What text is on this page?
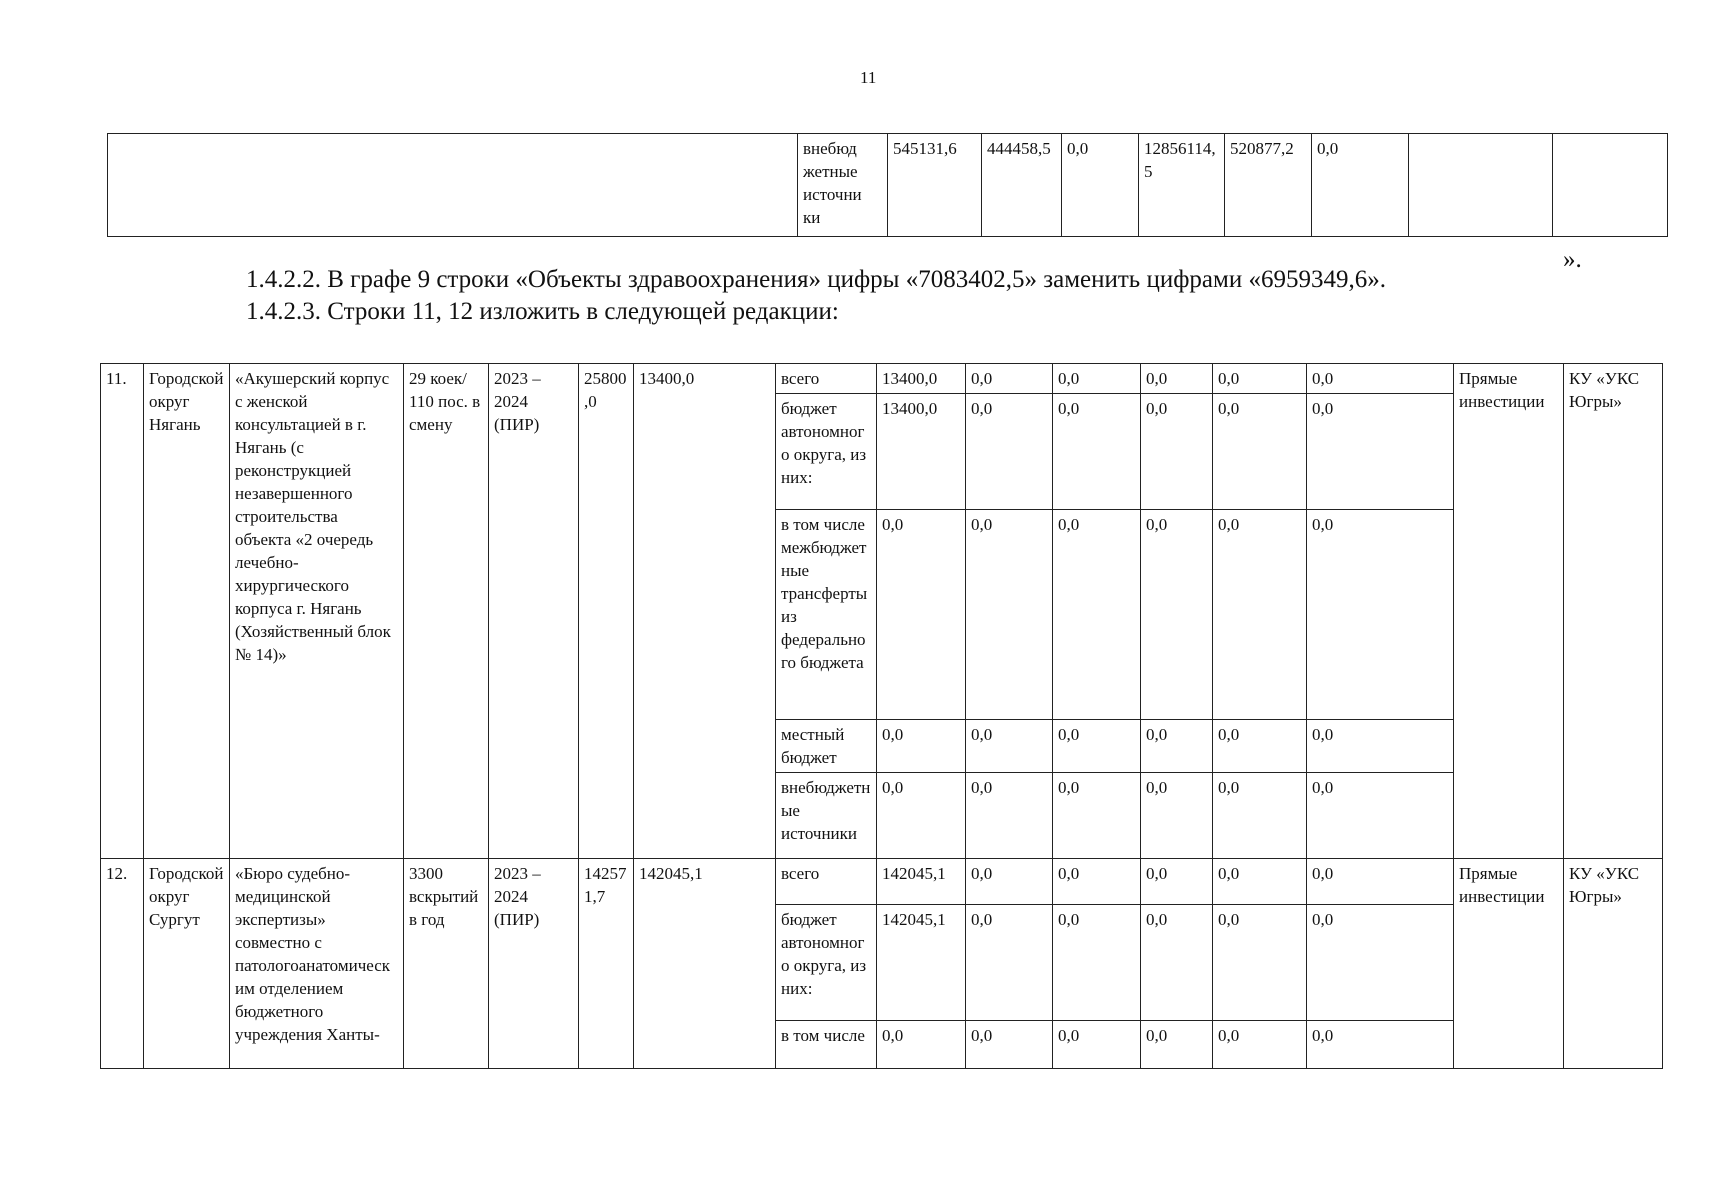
11
	внебюд жетные источни ки	545131,6	444458,5	0,0	12856114,5	520877,2	0,0		
».
1.4.2.2. В графе 9 строки «Объекты здравоохранения» цифры «7083402,5» заменить цифрами «6959349,6».
1.4.2.3. Строки 11, 12 изложить в следующей редакции:
11.	Городской округ Нягань	«Акушерский корпус с женской консультацией в г. Нягань (с реконструкцией незавершенного строительства объекта «2 очередь лечебно-хирургического корпуса г. Нягань (Хозяйственный блок № 14)»	29 коек/ 110 пос. в смену	2023 – 2024 (ПИР)	25800,0	13400,0	всего	13400,0	0,0	0,0	0,0	0,0	0,0	Прямые инвестиции	КУ «УКС Югры»
							бюджет автономного округа, из них:	13400,0	0,0	0,0	0,0	0,0	0,0		
							в том числе межбюджетные трансферты из федерального бюджета	0,0	0,0	0,0	0,0	0,0	0,0		
							местный бюджет	0,0	0,0	0,0	0,0	0,0	0,0		
							внебюджетные источники	0,0	0,0	0,0	0,0	0,0	0,0		
12.	Городской округ Сургут	«Бюро судебно-медицинской экспертизы» совместно с патологоанатомическим отделением бюджетного учреждения Ханты-	3300 вскрытий в год	2023 – 2024 (ПИР)	142571,7	142045,1	всего	142045,1	0,0	0,0	0,0	0,0	0,0	Прямые инвестиции	КУ «УКС Югры»
							бюджет автономного округа, из них:	142045,1	0,0	0,0	0,0	0,0	0,0		
							в том числе	0,0	0,0	0,0	0,0	0,0	0,0		
